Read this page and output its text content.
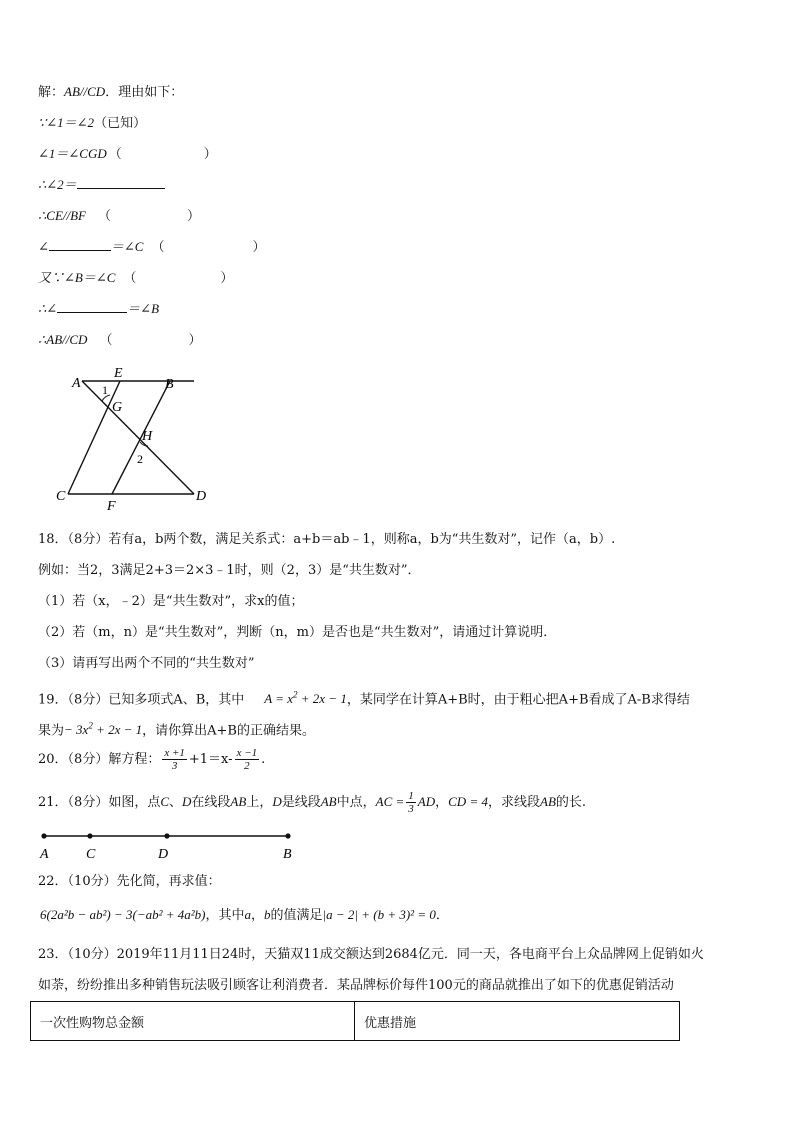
解：AB//CD．理由如下：
∵∠1＝∠2（已知）
∠1＝∠CGD （	）
∴∠2＝
∴CE//BF （	）
∠	＝∠C （	）
又∵∠B＝∠C （	）
∴∠	＝∠B
∴AB//CD （	）
A
E
B
1
G
H
2
C
F
D
18．（8分）若有a，b两个数，满足关系式：a+b＝ab﹣1，则称a，b为“共生数对”，记作（a，b）.
例如：当2，3满足2+3＝2×3﹣1时，则（2，3）是“共生数对”．
（1）若（x，﹣2）是“共生数对”，求x的值；
（2）若（m，n）是“共生数对”，判断（n，m）是否也是“共生数对”，请通过计算说明．
（3）请再写出两个不同的“共生数对”
19．（8分）已知多项式A、B，其中 $A = x^2 + 2x - 1$，某同学在计算A+B时，由于粗心把A+B看成了A-B求得结
果为− $3x^2 + 2x - 1$，请你算出A+B的正确结果。
20．（8分）解方程： $\frac{x +1}{3} +1=x- \frac{x -1}{2}$ .
21．（8分）如图，点C、D在线段AB上，D是线段AB中点，AC = $\frac{1}{3}$ AD，CD = 4，求线段AB的长.
A	C	D	B
22．（10分）先化简，再求值：
6(2a²b − ab²) − 3(−ab² + 4a²b)，其中a，b的值满足|a − 2| + (b + 3)² = 0．
23．（10分）2019年11月11日24时，天猫双11成交额达到2684亿元．同一天，各电商平台上众品牌网上促销如火
如荼，纷纷推出多种销售玩法吸引顾客让利消费者．某品牌标价每件100元的商品就推出了如下的优惠促销活动
一次性购物总金额	优惠措施
